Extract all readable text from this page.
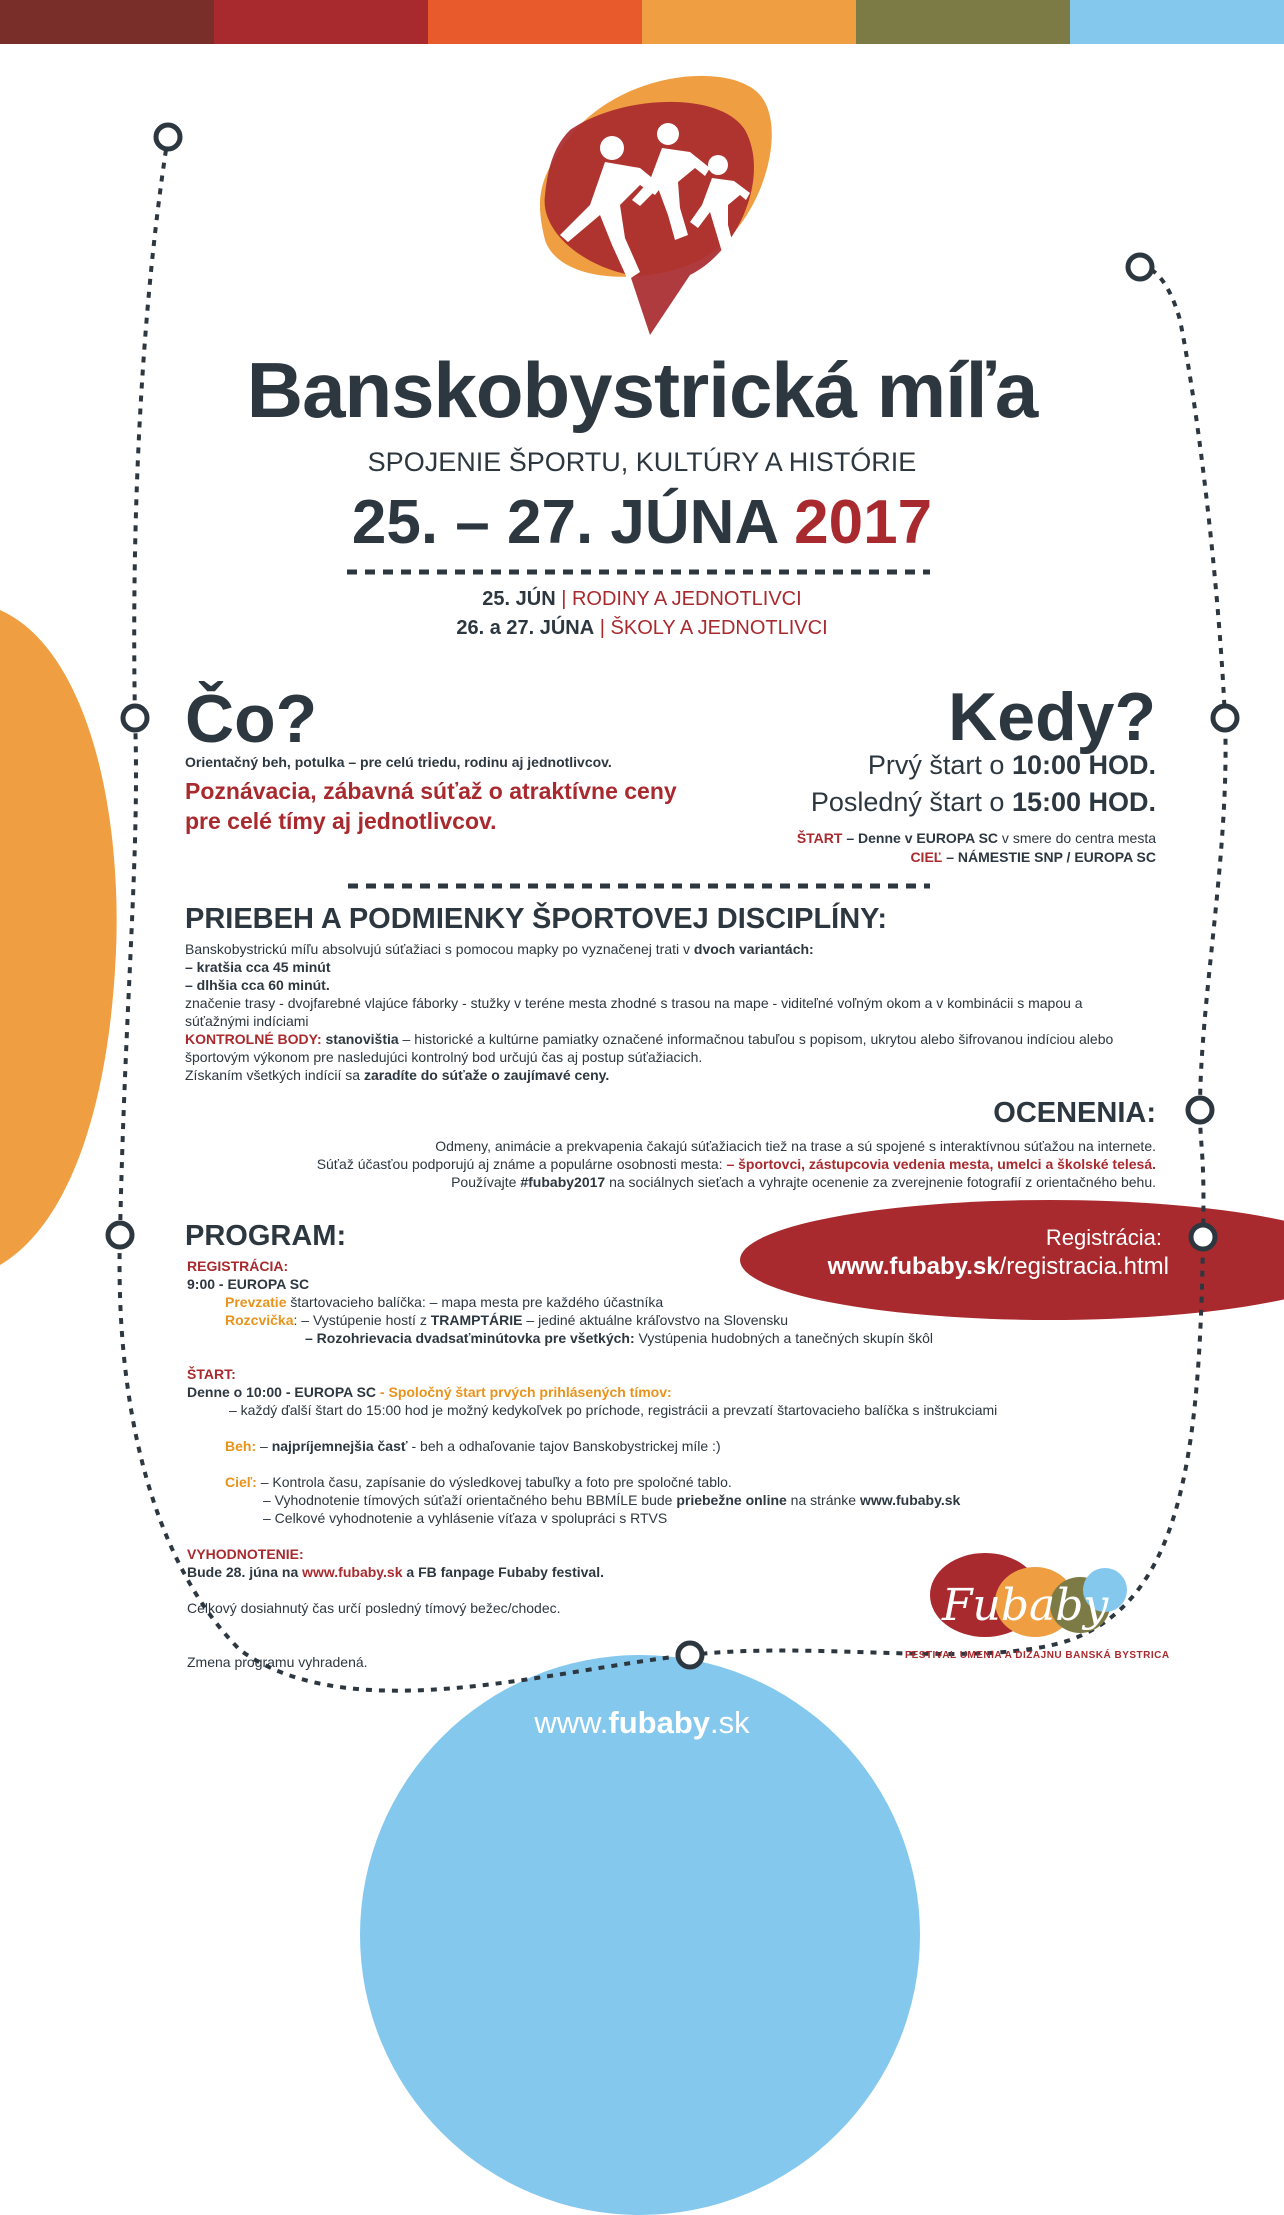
Banskobystrická míľa
SPOJENIE ŠPORTU, KULTÚRY A HISTÓRIE
25. – 27. JÚNA 2017
25. JÚN | RODINY A JEDNOTLIVCI
26. a 27. JÚNA | ŠKOLY A JEDNOTLIVCI
Čo?
Orientačný beh, potulka – pre celú triedu, rodinu aj jednotlivcov.
Poznávacia, zábavná súťaž o atraktívne ceny pre celé tímy aj jednotlivcov.
Kedy?
Prvý štart o 10:00 HOD.
Posledný štart o 15:00 HOD.
ŠTART – Denne v EUROPA SC v smere do centra mesta
CIEĽ – NÁMESTIE SNP / EUROPA SC
PRIEBEH A PODMIENKY ŠPORTOVEJ DISCIPLÍNY:
Banskobystrickú míľu absolvujú súťažiaci s pomocou mapky po vyznačenej trati v dvoch variantách:
– kratšia cca 45 minút
– dlhšia cca 60 minút.
značenie trasy - dvojfarebné vlajúce fáborky - stužky v teréne mesta zhodné s trasou na mape - viditeľné voľným okom a v kombinácii s mapou a súťažnými indíciami
KONTROLNÉ BODY: stanovištia – historické a kultúrne pamiatky označené informačnou tabuľou s popisom, ukrytou alebo šifrovanou indíciou alebo športovým výkonom pre nasledujúci kontrolný bod určujú čas aj postup súťažiacich.
Získaním všetkých indícií sa zaradíte do súťaže o zaujímavé ceny.
OCENENIA:
Odmeny, animácie a prekvapenia čakajú súťažiacich tiež na trase a sú spojené s interaktívnou súťažou na internete.
Súťaž účasťou podporujú aj známe a populárne osobnosti mesta: – športovci, zástupcovia vedenia mesta, umelci a školské telesá.
Používajte #fubaby2017 na sociálnych sieťach a vyhrajte ocenenie za zverejnenie fotografií z orientačného behu.
Registrácia:
www.fubaby.sk/registracia.html
PROGRAM:
REGISTRÁCIA:
9:00 - EUROPA SC
Prevzatie štartovacieho balíčka: – mapa mesta pre každého účastníka
Rozcvička: – Vystúpenie hostí z TRAMPTÁRIE – jediné aktuálne kráľovstvo na Slovensku
– Rozohrievacia dvadsaťminútovka pre všetkých: Vystúpenia hudobných a tanečných skupín škôl
ŠTART:
Denne o 10:00 - EUROPA SC - Spoločný štart prvých prihlásených tímov:
– každý ďalší štart do 15:00 hod je možný kedykoľvek po príchode, registrácii a prevzatí štartovacieho balíčka s inštrukciami
Beh: – najpríjemnejšia časť - beh a odhaľovanie tajov Banskobystrickej míle :)
Cieľ: – Kontrola času, zapísanie do výsledkovej tabuľky a foto pre spoločné tablo.
– Vyhodnotenie tímových súťaží orientačného behu BBMÍLE bude priebežne online na stránke www.fubaby.sk
– Celkové vyhodnotenie a vyhlásenie víťaza v spolupráci s RTVS
VYHODNOTENIE:
Bude 28. júna na www.fubaby.sk a FB fanpage Fubaby festival.
Celkový dosiahnutý čas určí posledný tímový bežec/chodec.
Zmena programu vyhradená.
Fubaby
FESTIVAL UMENIA A DIZAJNU BANSKÁ BYSTRICA
www.fubaby.sk
